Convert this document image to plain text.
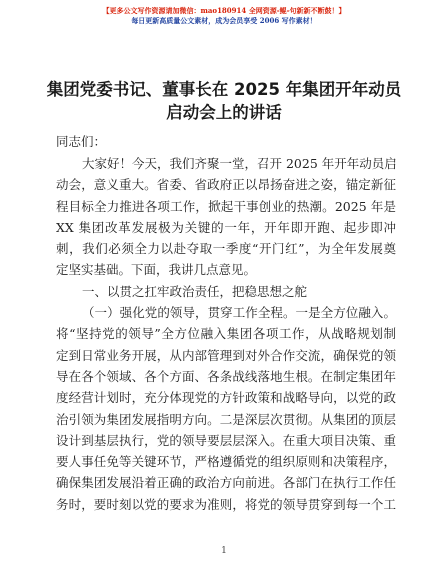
【更多公文写作资源请加微信：mao180914 全网资源-鲲-句新新不断鼓！】
每日更新高质量公文素材，成为会员享受 2006 写作素材！
集团党委书记、董事长在 2025 年集团开年动员
启动会上的讲话
同志们：
大家好！今天，我们齐聚一堂，召开 2025 年开年动员启
动会，意义重大。省委、省政府正以昂扬奋进之姿，锚定新征
程目标全力推进各项工作，掀起干事创业的热潮。2025 年是
XX 集团改革发展极为关键的一年，开年即开跑、起步即冲
刺，我们必须全力以赴夺取一季度“开门红”，为全年发展奠
定坚实基础。下面，我讲几点意见。
一、以贯之扛牢政治责任，把稳思想之舵
（一）强化党的领导，贯穿工作全程。一是全方位融入。
将“坚持党的领导”全方位融入集团各项工作，从战略规划制
定到日常业务开展，从内部管理到对外合作交流，确保党的领
导在各个领域、各个方面、各条战线落地生根。在制定集团年
度经营计划时，充分体现党的方针政策和战略导向，以党的政
治引领为集团发展指明方向。二是深层次贯彻。从集团的顶层
设计到基层执行，党的领导要层层深入。在重大项目决策、重
要人事任免等关键环节，严格遵循党的组织原则和决策程序，
确保集团发展沿着正确的政治方向前进。各部门在执行工作任
务时，要时刻以党的要求为准则，将党的领导贯穿到每一个工
1
